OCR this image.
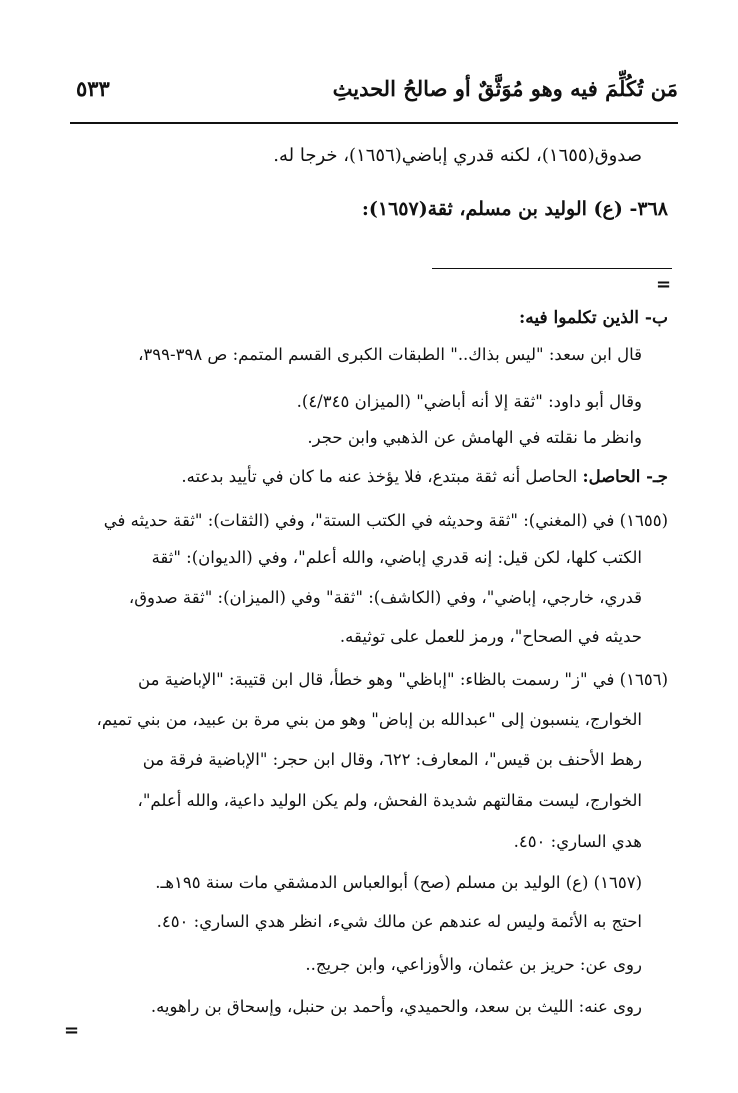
مَن تُكُلِّمَ فيه وهو مُوَثَّقٌ أو صالحُ الحديثِ
٥٣٣
صدوق(١٦٥٥)، لكنه قدري إباضي(١٦٥٦)، خرجا له.
٣٦٨- (ع) الوليد بن مسلم، ثقة(١٦٥٧):
=
ب- الذين تكلموا فيه:
قال ابن سعد: "ليس بذاك.." الطبقات الكبرى القسم المتمم: ص ٣٩٨-٣٩٩،
وقال أبو داود: "ثقة إلا أنه أباضي" (الميزان ٤/٣٤٥).
وانظر ما نقلته في الهامش عن الذهبي وابن حجر.
جـ- الحاصل: الحاصل أنه ثقة مبتدع، فلا يؤخذ عنه ما كان في تأييد بدعته.
(١٦٥٥) في (المغني): "ثقة وحديثه في الكتب الستة"، وفي (الثقات): "ثقة حديثه في
الكتب كلها، لكن قيل: إنه قدري إباضي، والله أعلم"، وفي (الديوان): "ثقة
قدري، خارجي، إباضي"، وفي (الكاشف): "ثقة" وفي (الميزان): "ثقة صدوق،
حديثه في الصحاح"، ورمز للعمل على توثيقه.
(١٦٥٦) في "ز" رسمت بالظاء: "إباظي" وهو خطأ، قال ابن قتيبة: "الإباضية من
الخوارج، ينسبون إلى "عبدالله بن إباض" وهو من بني مرة بن عبيد، من بني تميم،
رهط الأحنف بن قيس"، المعارف: ٦٢٢، وقال ابن حجر: "الإباضية فرقة من
الخوارج، ليست مقالتهم شديدة الفحش، ولم يكن الوليد داعية، والله أعلم"،
هدي الساري: ٤٥٠.
(١٦٥٧) (ع) الوليد بن مسلم (صح) أبوالعباس الدمشقي مات سنة ١٩٥هـ.
احتج به الأئمة وليس له عندهم عن مالك شيء، انظر هدي الساري: ٤٥٠.
روى عن: حريز بن عثمان، والأوزاعي، وابن جريج..
روى عنه: الليث بن سعد، والحميدي، وأحمد بن حنبل، وإسحاق بن راهويه.
=
